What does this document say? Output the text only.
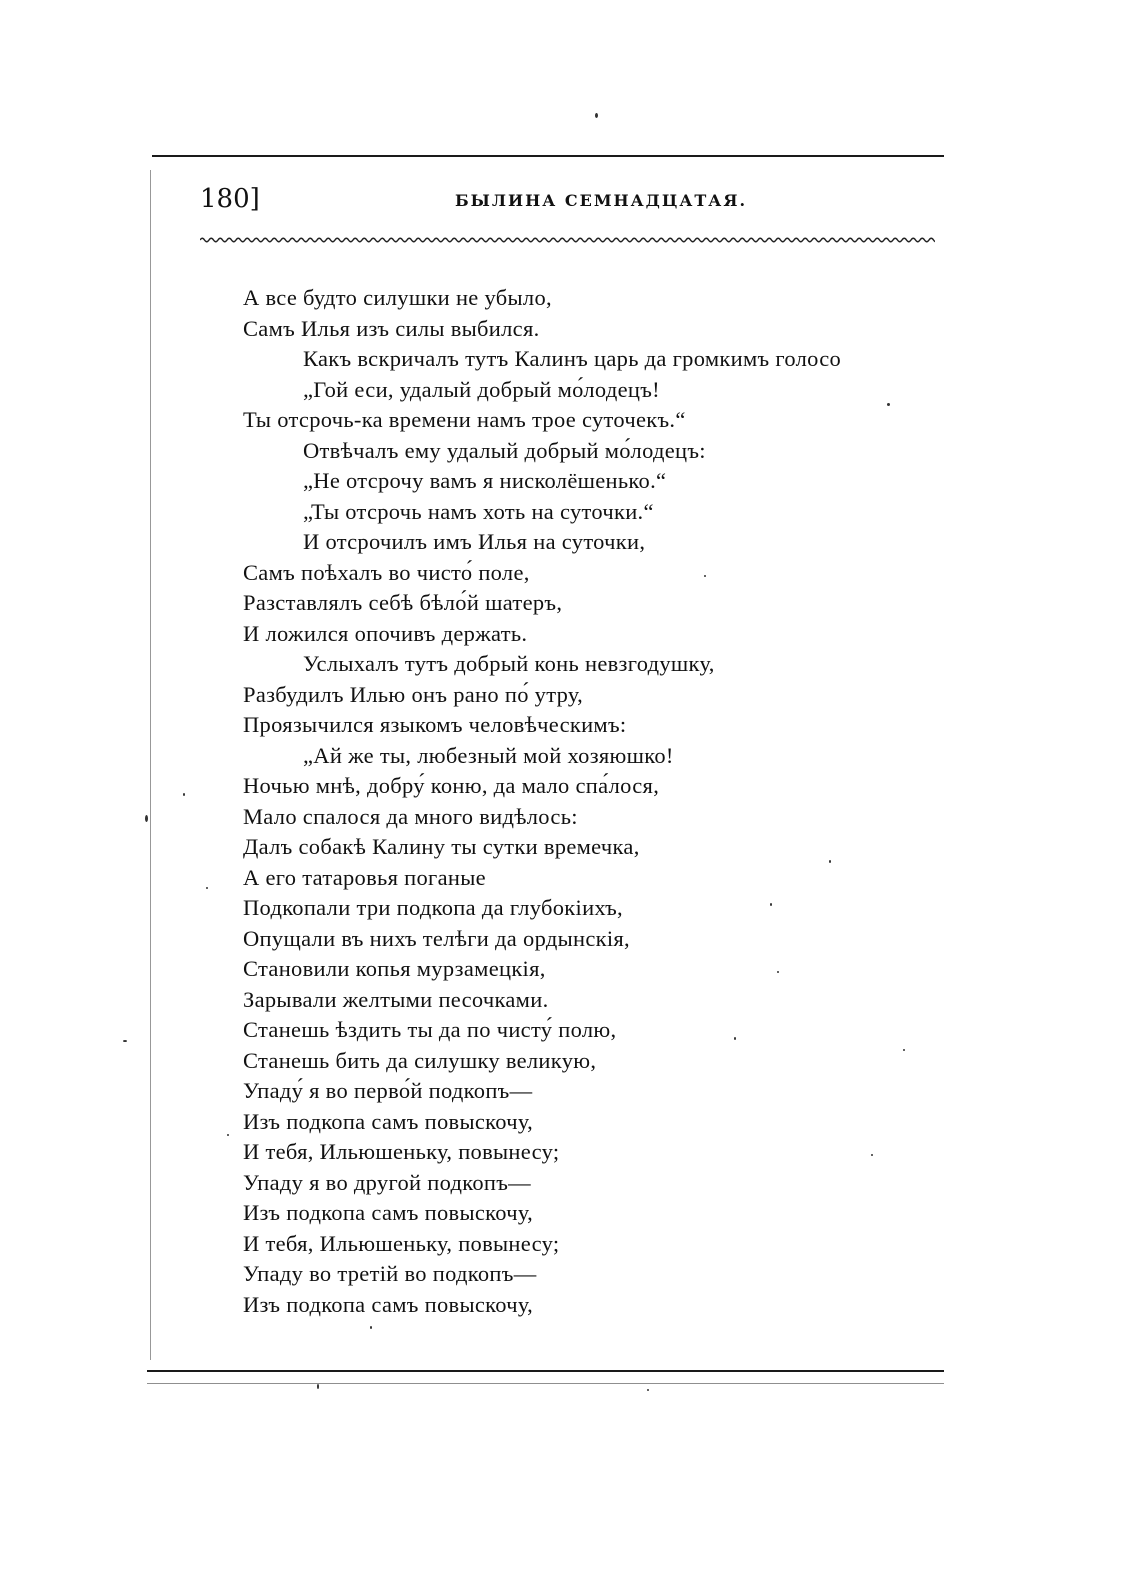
180]	БЫЛИНА СЕМНАДЦАТАЯ.
А все будто силушки не убыло,
Самъ Илья изъ силы выбился.
Какъ вскричалъ тутъ Калинъ царь да громкимъ голосо
„Гой еси, удалый добрый мо́лодецъ!
Ты отсрочь-ка времени намъ трое суточекъ.“
Отвѣчалъ ему удалый добрый мо́лодецъ:
„Не отсрочу вамъ я нисколёшенько.“
„Ты отсрочь намъ хоть на суточки.“
И отсрочилъ имъ Илья на суточки,
Самъ поѣхалъ во чисто́ поле,
Разставлялъ себѣ бѣло́й шатеръ,
И ложился опочивъ держать.
Услыхалъ тутъ добрый конь невзгодушку,
Разбудилъ Илью онъ рано по́ утру,
Проязычился языкомъ человѣческимъ:
„Ай же ты, любезный мой хозяюшко!
Ночью мнѣ, добру́ коню, да мало спа́лося,
Мало спалося да много видѣлось:
Далъ собакѣ Калину ты сутки времечка,
А его татаровья поганые
Подкопали три подкопа да глубокіихъ,
Опущали въ нихъ телѣги да ордынскія,
Становили копья мурзамецкія,
Зарывали желтыми песочками.
Станешь ѣздить ты да по чисту́ полю,
Станешь бить да силушку великую,
Упаду́ я во перво́й подкопъ—
Изъ подкопа самъ повыскочу,
И тебя, Ильюшеньку, повынесу;
Упаду я во другой подкопъ—
Изъ подкопа самъ повыскочу,
И тебя, Ильюшеньку, повынесу;
Упаду во третій во подкопъ—
Изъ подкопа самъ повыскочу,
